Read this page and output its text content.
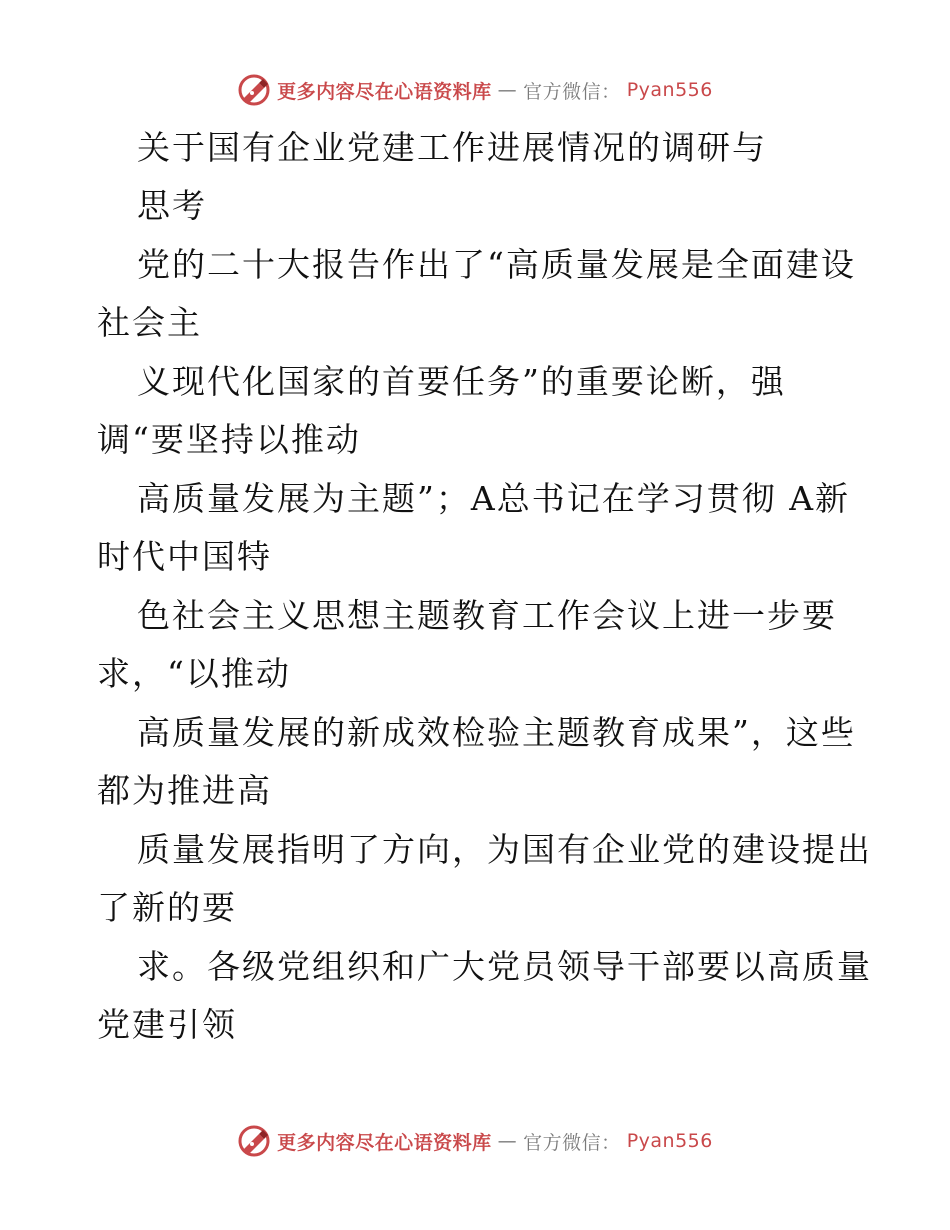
更多内容尽在心语资料库 — 官方微信： Pyan556
关于国有企业党建工作进展情况的调研与
思考
党的二十大报告作出了“高质量发展是全面建设
社会主
义现代化国家的首要任务”的重要论断，强
调“要坚持以推动
高质量发展为主题”；A总书记在学习贯彻 A新
时代中国特
色社会主义思想主题教育工作会议上进一步要
求，“以推动
高质量发展的新成效检验主题教育成果”，这些
都为推进高
质量发展指明了方向，为国有企业党的建设提出
了新的要
求。各级党组织和广大党员领导干部要以高质量
党建引领
更多内容尽在心语资料库 — 官方微信： Pyan556
